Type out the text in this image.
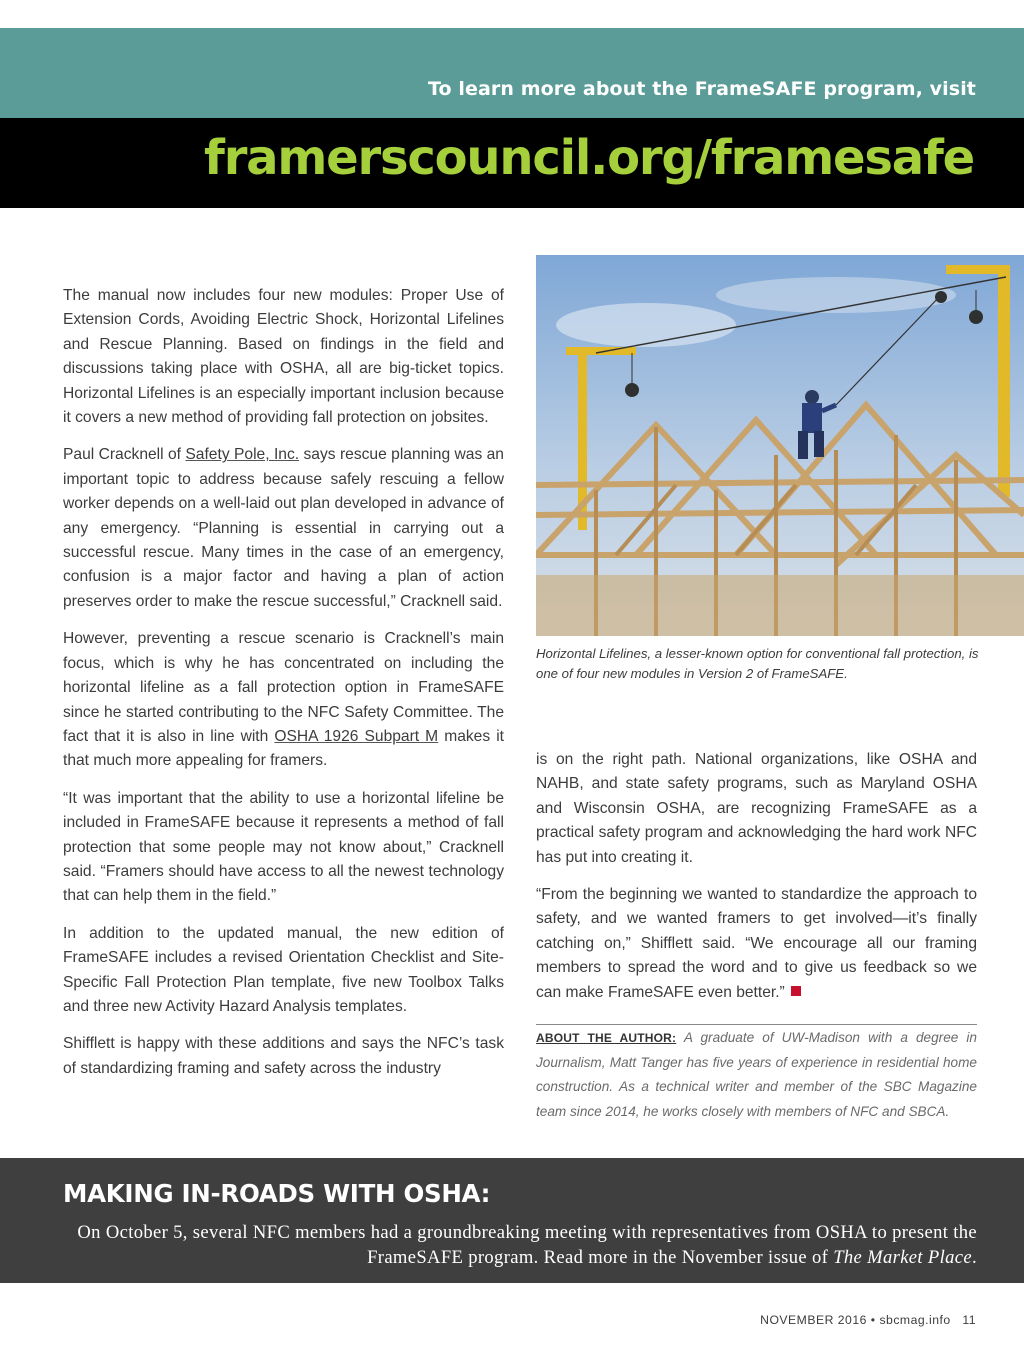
To learn more about the FrameSAFE program, visit
framerscouncil.org/framesafe

The manual now includes four new modules: Proper Use of Extension Cords, Avoiding Electric Shock, Horizontal Lifelines and Rescue Planning. Based on findings in the field and discussions taking place with OSHA, all are big-ticket topics. Horizontal Lifelines is an especially important inclusion because it covers a new method of providing fall protection on jobsites.

Paul Cracknell of Safety Pole, Inc. says rescue planning was an important topic to address because safely rescuing a fellow worker depends on a well-laid out plan developed in advance of any emergency. “Planning is essential in carrying out a successful rescue. Many times in the case of an emergency, confusion is a major factor and having a plan of action preserves order to make the rescue successful,” Cracknell said.

However, preventing a rescue scenario is Cracknell’s main focus, which is why he has concentrated on including the horizontal lifeline as a fall protection option in FrameSAFE since he started contributing to the NFC Safety Committee. The fact that it is also in line with OSHA 1926 Subpart M makes it that much more appealing for framers.

“It was important that the ability to use a horizontal lifeline be included in FrameSAFE because it represents a method of fall protection that some people may not know about,” Cracknell said. “Framers should have access to all the newest technology that can help them in the field.”

In addition to the updated manual, the new edition of FrameSAFE includes a revised Orientation Checklist and Site-Specific Fall Protection Plan template, five new Toolbox Talks and three new Activity Hazard Analysis templates.

Shifflett is happy with these additions and says the NFC’s task of standardizing framing and safety across the industry

Horizontal Lifelines, a lesser-known option for conventional fall protection, is one of four new modules in Version 2 of FrameSAFE.

is on the right path. National organizations, like OSHA and NAHB, and state safety programs, such as Maryland OSHA and Wisconsin OSHA, are recognizing FrameSAFE as a practical safety program and acknowledging the hard work NFC has put into creating it.

“From the beginning we wanted to standardize the approach to safety, and we wanted framers to get involved—it’s finally catching on,” Shifflett said. “We encourage all our framing members to spread the word and to give us feedback so we can make FrameSAFE even better.”

ABOUT THE AUTHOR: A graduate of UW-Madison with a degree in Journalism, Matt Tanger has five years of experience in residential home construction. As a technical writer and member of the SBC Magazine team since 2014, he works closely with members of NFC and SBCA.
MAKING IN-ROADS WITH OSHA:
On October 5, several NFC members had a groundbreaking meeting with representatives from OSHA to present the FrameSAFE program. Read more in the November issue of The Market Place.
NOVEMBER 2016 • sbcmag.info 11
